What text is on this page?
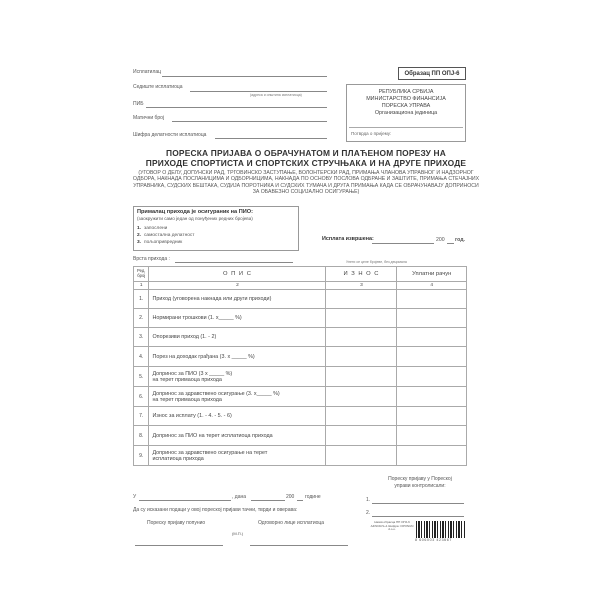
Исплатилац
Седиште исплатиоца
(адреса и општина исплатиоца)
ПИБ
Матични број
Шифра делатности исплатиоца
Образац ПП ОПЈ-6
РЕПУБЛИКА СРБИЈА
МИНИСТАРСТВО ФИНАНСИЈА
ПОРЕСКА УПРАВА
Организациона јединица
Потврда о пријему:
ПОРЕСКА ПРИЈАВА О ОБРАЧУНАТОМ И ПЛАЋЕНОМ ПОРЕЗУ НА
ПРИХОДЕ СПОРТИСТА И СПОРТСКИХ СТРУЧЊАКА И НА ДРУГЕ ПРИХОДЕ
(УГОВОР О ДЕЛУ, ДОПУНСКИ РАД, ТРГОВИНСКО ЗАСТУПАЊЕ, ВОЛОНТЕРСКИ РАД, ПРИМАЊА ЧЛАНОВА УПРАВНОГ И НАДЗОРНОГ ОДБОРА, НАКНАДА ПОСЛАНИЦИМА И ОДБОРНИЦИМА, НАКНАДА ПО ОСНОВУ ПОСЛОВА ОДБРАНЕ И ЗАШТИТЕ, ПРИМАЊА СТЕЧАЈНИХ УПРАВНИКА, СУДСКИХ ВЕШТАКА, СУДИЈА ПОРОТНИКА И СУДСКИХ ТУМАЧА И ДРУГА ПРИМАЊА КАДА СЕ ОБРАЧУНАВАЈУ ДОПРИНОСИ ЗА ОБАВЕЗНО СОЦИЈАЛНО ОСИГУРАЊЕ)
Прималац прихода је осигураник на ПИО:
(заокружити само један од понуђених редних бројева)
1. запослени
2. самостална делатност
3. пољопривредник
Исплата извршена:	200 год.
Врста прихода :	Унети се целе бројеве, без децимала
Ред. број	О П И С	И З Н О С	Уплатни рачун
1	2	3	4
1.	Приход (уговорена накнада или други приходи)		
2.	Нормирани трошкови (1. x_____ %)		
3.	Опорезиви приход (1. - 2)		
4.	Порез на доходак грађана (3. x _____ %)		
5.	Допринос за ПИО (3 x _____ %)
на терет примаоца прихода		

6.	Допринос за здравствено осигурање (3. x_____ %)
на терет примаоца прихода		

7.	Износ за исплату (1. - 4. - 5. - 6)		
8.	Допринос за ПИО на терет исплатиоца прихода		
9.	Допринос за здравствено осигурање на терет
исплатиоца прихода		

У	, дана	200 године
Да су исказани подаци у овој пореској пријави тачни, тврди и оверава:
Пореску пријаву попунио	Одговорно лице исплатиоца
(М.П.)
Пореску пријаву у Пореској управи контролисали:
1.
2.
Назив обрасца ПП ОПЈ-6 A4/NCR/1+1 Шифра: OPONUN d.o.o.
8 606003 423667
